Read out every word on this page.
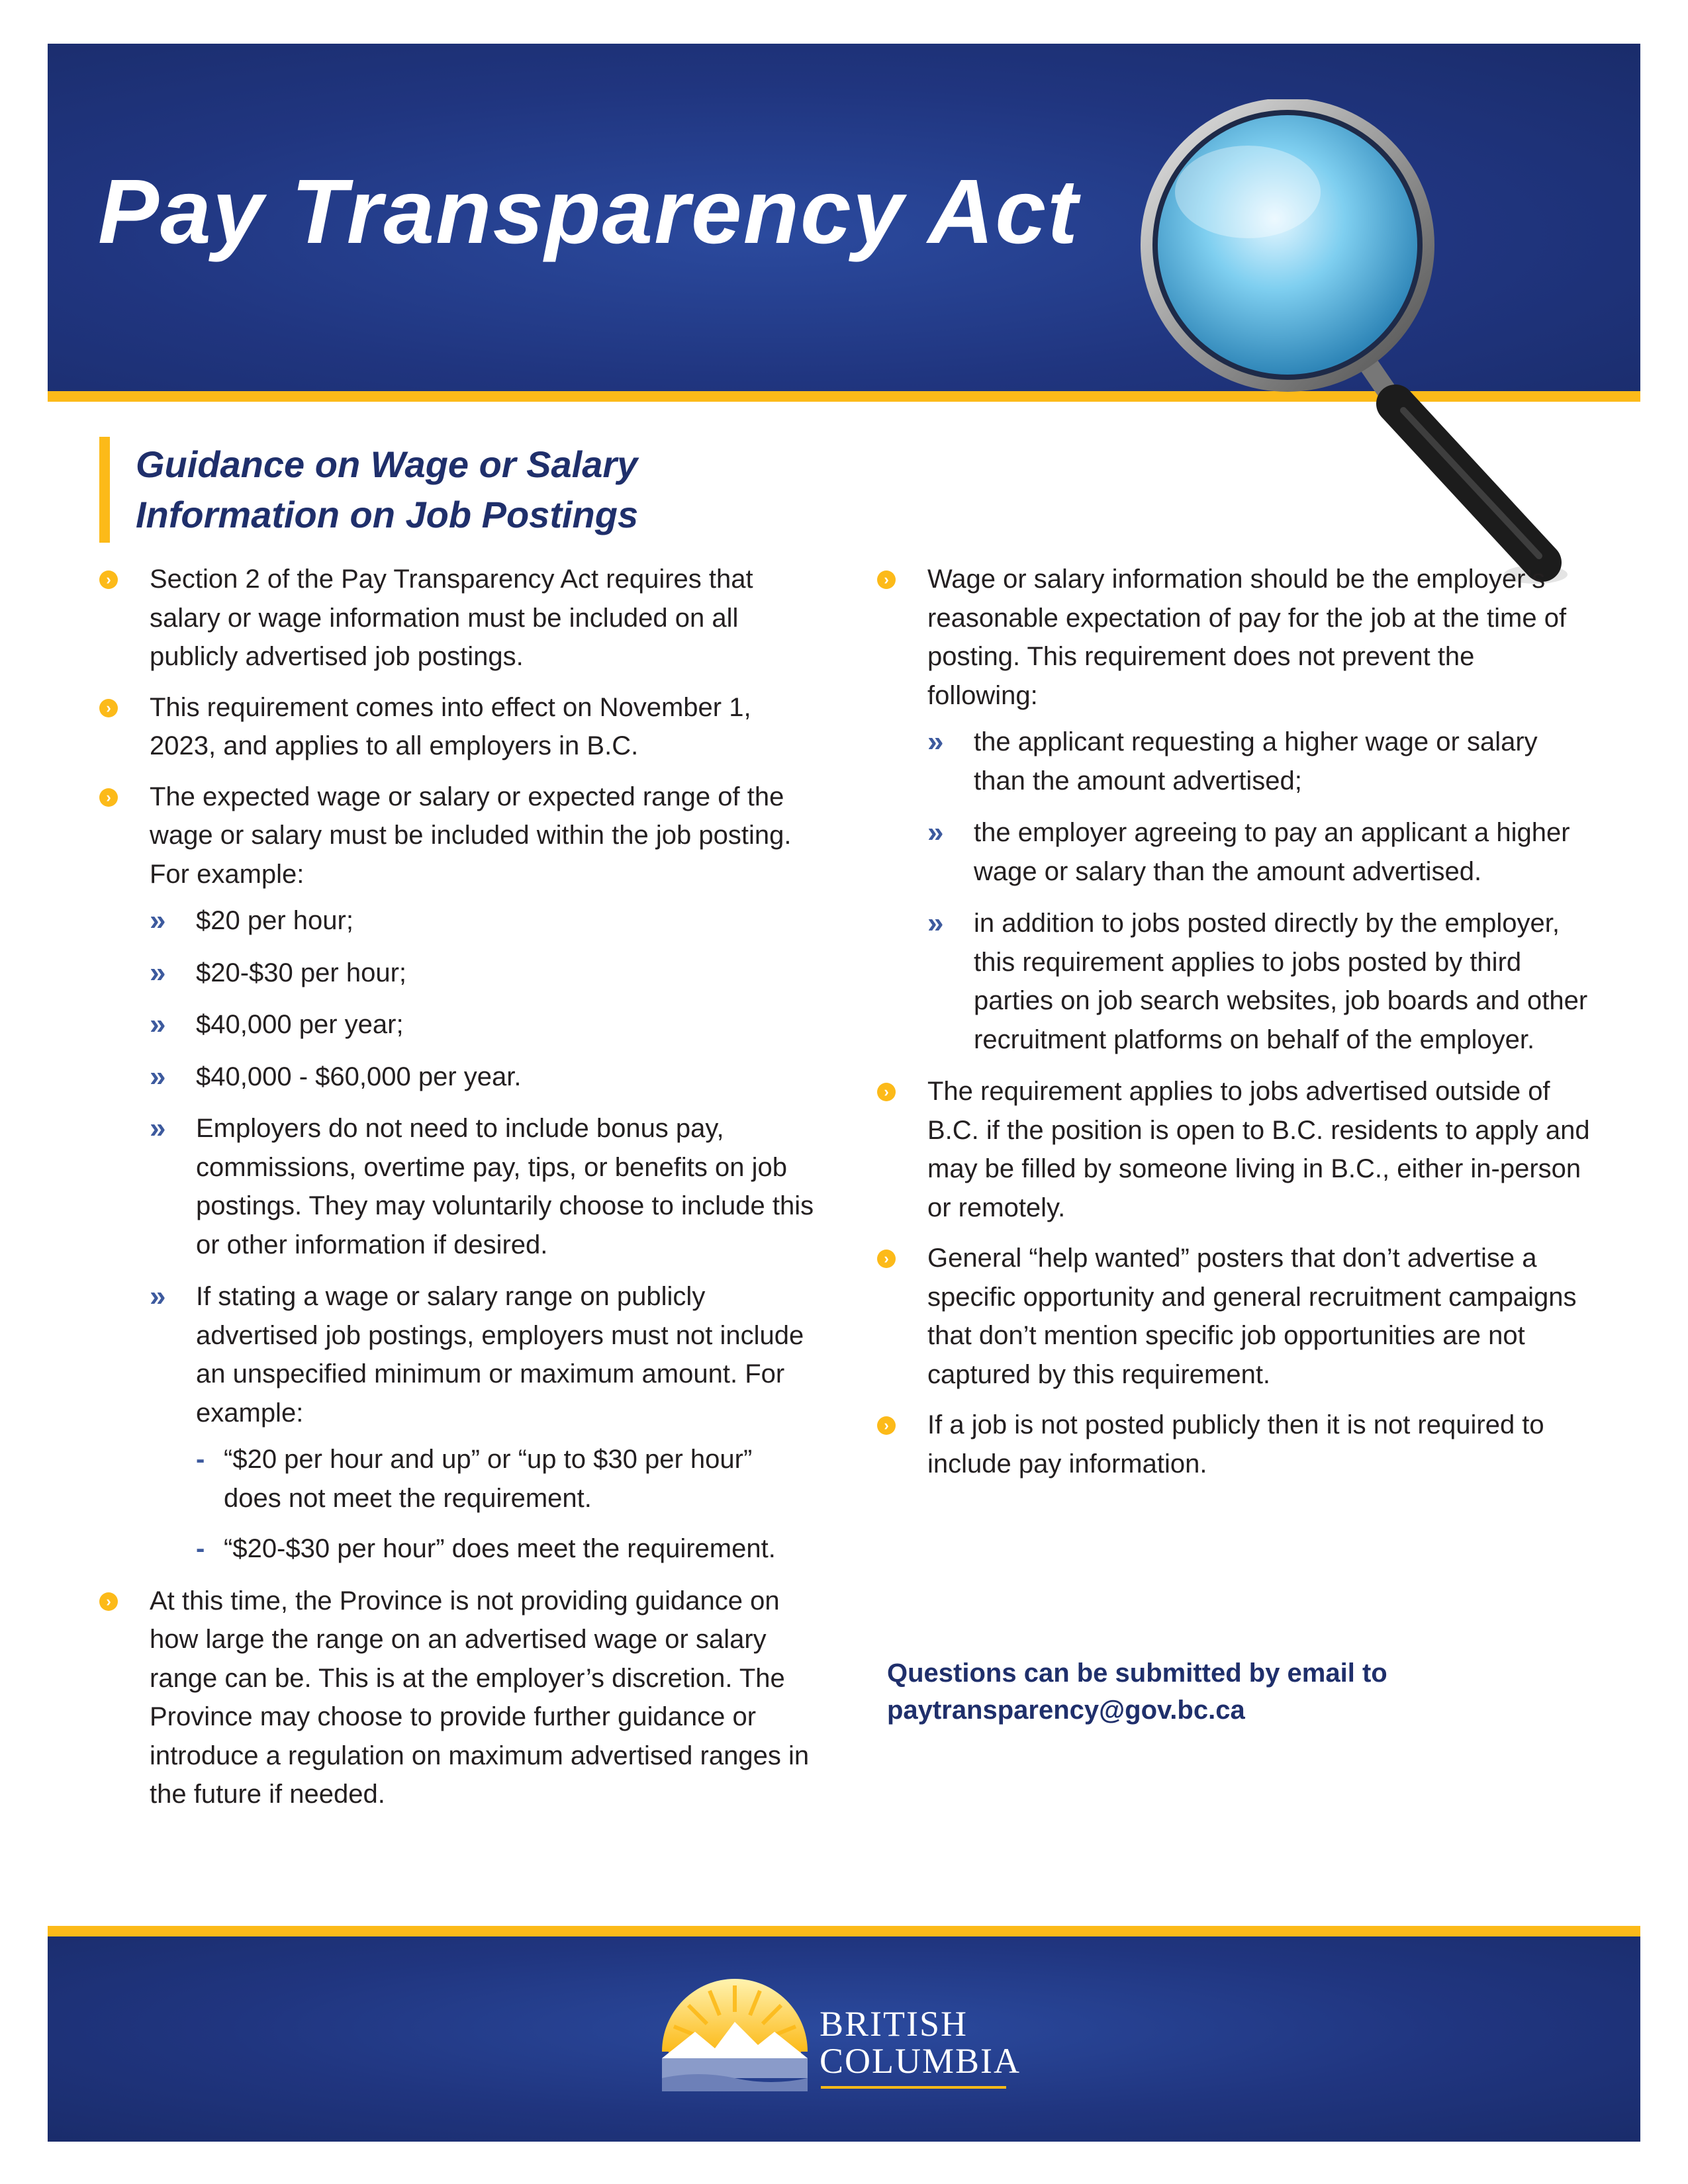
Pay Transparency Act
Guidance on Wage or Salary
Information on Job Postings
› Section 2 of the Pay Transparency Act requires that salary or wage information must be included on all publicly advertised job postings.
› This requirement comes into effect on November 1, 2023, and applies to all employers in B.C.
› The expected wage or salary or expected range of the wage or salary must be included within the job posting. For example:
» $20 per hour;
» $20-$30 per hour;
» $40,000 per year;
» $40,000 - $60,000 per year.
» Employers do not need to include bonus pay, commissions, overtime pay, tips, or benefits on job postings. They may voluntarily choose to include this or other information if desired.
» If stating a wage or salary range on publicly advertised job postings, employers must not include an unspecified minimum or maximum amount. For example:
- “$20 per hour and up” or “up to $30 per hour” does not meet the requirement.
- “$20-$30 per hour” does meet the requirement.
› At this time, the Province is not providing guidance on how large the range on an advertised wage or salary range can be. This is at the employer’s discretion. The Province may choose to provide further guidance or introduce a regulation on maximum advertised ranges in the future if needed.
› Wage or salary information should be the employer’s reasonable expectation of pay for the job at the time of posting. This requirement does not prevent the following:
» the applicant requesting a higher wage or salary than the amount advertised;
» the employer agreeing to pay an applicant a higher wage or salary than the amount advertised.
» in addition to jobs posted directly by the employer, this requirement applies to jobs posted by third parties on job search websites, job boards and other recruitment platforms on behalf of the employer.
› The requirement applies to jobs advertised outside of B.C. if the position is open to B.C. residents to apply and may be filled by someone living in B.C., either in-person or remotely.
› General “help wanted” posters that don’t advertise a specific opportunity and general recruitment campaigns that don’t mention specific job opportunities are not captured by this requirement.
› If a job is not posted publicly then it is not required to include pay information.
Questions can be submitted by email to
paytransparency@gov.bc.ca
BRITISH
COLUMBIA
